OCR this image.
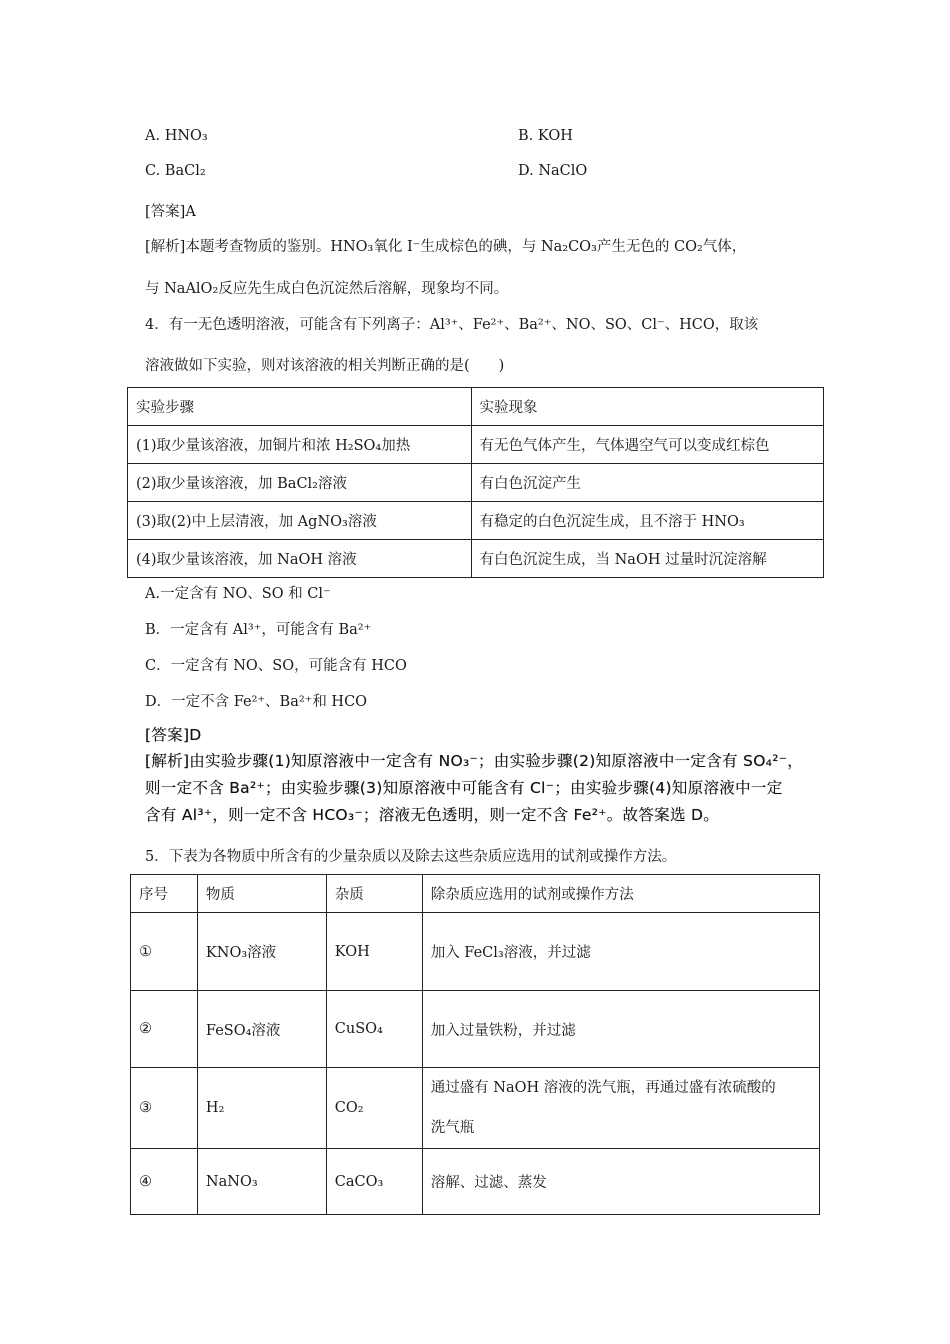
A. HNO₃	B. KOH
C. BaCl₂	D. NaClO
[答案]A
[解析]本题考查物质的鉴别。HNO₃氧化 I⁻生成棕色的碘，与 Na₂CO₃产生无色的 CO₂气体，
与 NaAlO₂反应先生成白色沉淀然后溶解，现象均不同。
4．有一无色透明溶液，可能含有下列离子：Al³⁺、Fe²⁺、Ba²⁺、NO、SO、Cl⁻、HCO，取该
溶液做如下实验，则对该溶液的相关判断正确的是(　　)
实验步骤	实验现象
(1)取少量该溶液，加铜片和浓 H₂SO₄加热	有无色气体产生，气体遇空气可以变成红棕色
(2)取少量该溶液，加 BaCl₂溶液	有白色沉淀产生
(3)取(2)中上层清液，加 AgNO₃溶液	有稳定的白色沉淀生成，且不溶于 HNO₃
(4)取少量该溶液，加 NaOH 溶液	有白色沉淀生成，当 NaOH 过量时沉淀溶解
A.一定含有 NO、SO 和 Cl⁻
B．一定含有 Al³⁺，可能含有 Ba²⁺
C．一定含有 NO、SO，可能含有 HCO
D．一定不含 Fe²⁺、Ba²⁺和 HCO
[答案]D
[解析]由实验步骤(1)知原溶液中一定含有 NO₃⁻；由实验步骤(2)知原溶液中一定含有 SO₄²⁻，
则一定不含 Ba²⁺；由实验步骤(3)知原溶液中可能含有 Cl⁻；由实验步骤(4)知原溶液中一定
含有 Al³⁺，则一定不含 HCO₃⁻；溶液无色透明，则一定不含 Fe²⁺。故答案选 D。
5．下表为各物质中所含有的少量杂质以及除去这些杂质应选用的试剂或操作方法。
序号	物质	杂质	除杂质应选用的试剂或操作方法
①	KNO₃溶液	KOH	加入 FeCl₃溶液，并过滤
②	FeSO₄溶液	CuSO₄	加入过量铁粉，并过滤
③	H₂	CO₂	通过盛有 NaOH 溶液的洗气瓶，再通过盛有浓硫酸的
洗气瓶

④	NaNO₃	CaCO₃	溶解、过滤、蒸发
